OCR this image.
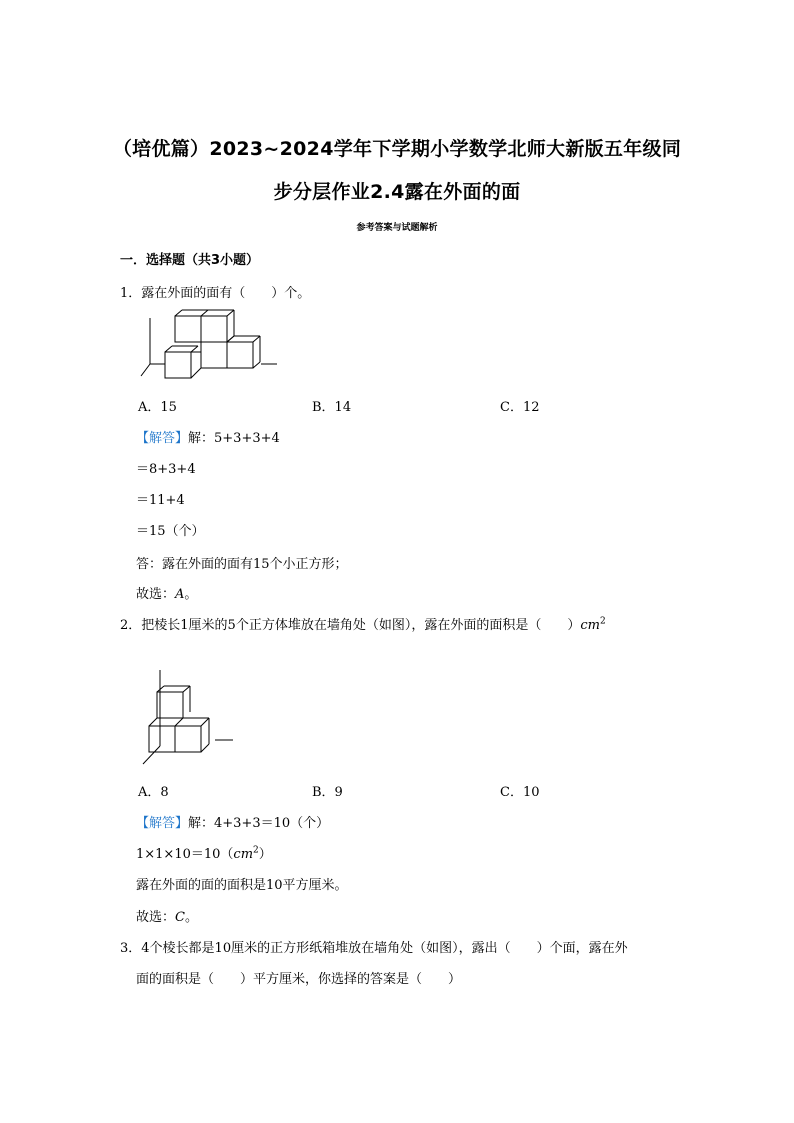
（培优篇）2023~2024学年下学期小学数学北师大新版五年级同
步分层作业2.4露在外面的面
参考答案与试题解析
一．选择题（共3小题）
1．露在外面的面有（　　）个。
A．15	B．14	C．12
【解答】解：5+3+3+4
＝8+3+4
＝11+4
＝15（个）
答：露在外面的面有15个小正方形；
故选：A。
2．把棱长1厘米的5个正方体堆放在墙角处（如图），露在外面的面积是（　　）$cm^2$
A．8	B．9	C．10
【解答】解：4+3+3＝10（个）
$1\times 1\times 10=10(cm^2)$
露在外面的面的面积是10平方厘米。
故选：C。
3．4个棱长都是10厘米的正方形纸箱堆放在墙角处（如图），露出（　　）个面，露在外
面的面积是（　　）平方厘米，你选择的答案是（　　）
